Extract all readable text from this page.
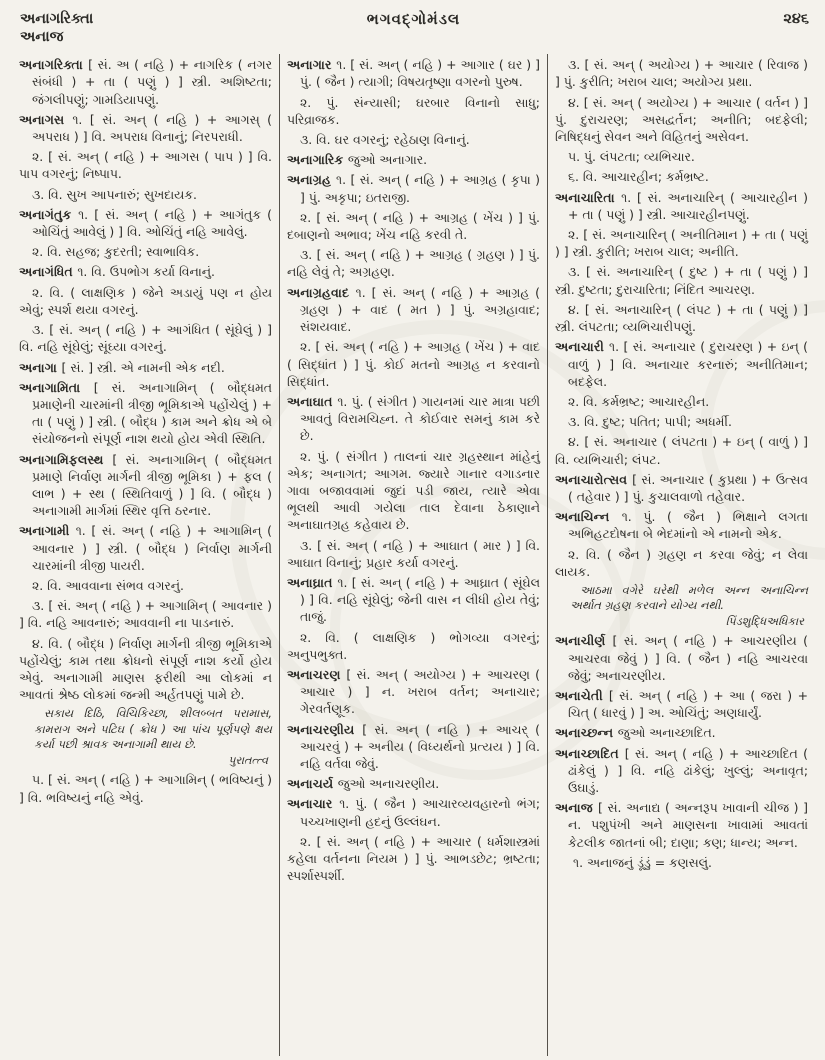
અનાગરિક્તા
અનાજ
ભગવદ્ગોમંડલ	૨૪૬

અનાગરિક્તા [ સં. અ ( નહિ ) + નાગરિક ( નગર સંબંધી ) + તા ( પણું ) ] સ્ત્રી. અશિષ્ટતા; જંગલીપણું; ગામડિયાપણું.

અનાગસ ૧. [ સં. અન્ ( નહિ ) + આગસ્ ( અપરાધ ) ] વિ. અપરાધ વિનાનું; નિરપરાધી.

૨. [ સં. અન્ ( નહિ ) + આગસ ( પાપ ) ] વિ. પાપ વગરનું; નિષ્પાપ.

૩. વિ. સુખ આપનારું; સુખદાયક.

અનાગંતુક ૧. [ સં. અન્ ( નહિ ) + આગંતુક ( ઓચિંતું આવેલું ) ] વિ. ઓચિંતું નહિ આવેલું.

૨. વિ. સહજ; કુદરતી; સ્વાભાવિક.

અનાગંધિત ૧. વિ. ઉપભોગ કર્યા વિનાનું.

૨. વિ. ( લાક્ષણિક ) જેને અડાયું પણ ન હોય એવું; સ્પર્શ થયા વગરનું.

૩. [ સં. અન્ ( નહિ ) + આગંધિત ( સૂંઘેલું ) ] વિ. નહિ સૂંઘેલું; સૂંઘ્યા વગરનું.

અનાગા [ સં. ] સ્ત્રી. એ નામની એક નદી.

અનાગામિતા [ સં. અનાગામિન્ ( બૌદ્ધમત પ્રમાણેની ચારમાંની ત્રીજી ભૂમિકાએ પહોંચેલું ) + તા ( પણું ) ] સ્ત્રી. ( બૌદ્ધ ) કામ અને ક્રોધ એ બે સંયોજનનો સંપૂર્ણ નાશ થયો હોય એવી સ્થિતિ.

અનાગામિફલસ્થ [ સં. અનાગામિન્ ( બૌદ્ધમત પ્રમાણે નિર્વાણ માર્ગની ત્રીજી ભૂમિકા ) + ફલ ( લાભ ) + સ્થ ( સ્થિતિવાળું ) ] વિ. ( બૌદ્ધ ) અનાગામી માર્ગમાં સ્થિર વૃત્તિ ઠરનાર.

અનાગામી ૧. [ સં. અન્ ( નહિ ) + આગામિન્ ( આવનાર ) ] સ્ત્રી. ( બૌદ્ધ ) નિર્વાણ માર્ગની ચારમાંની ત્રીજી પાયરી.

૨. વિ. આવવાના સંભવ વગરનું.

૩. [ સં. અન્ ( નહિ ) + આગામિન્ ( આવનાર ) ] વિ. નહિ આવનારું; આવવાની ના પાડનારું.

૪. વિ. ( બૌદ્ધ ) નિર્વાણ માર્ગની ત્રીજી ભૂમિકાએ પહોંચેલું; કામ તથા ક્રોધનો સંપૂર્ણ નાશ કર્યો હોય એવું. અનાગામી માણસ ફરીથી આ લોકમાં ન આવતાં શ્રેષ્ઠ લોકમાં જન્મી અર્હતપણું પામે છે.

સકાય દિઠિ, વિચિકિચ્છા, શીલબ્બત પરામાસ, કામરાગ અને પટિઘ ( ક્રોધ ) આ પાંચ પૂર્ણપણે ક્ષય કર્યા પછી શ્રાવક અનાગામી થાય છે.
પુરાતત્ત્વ

૫. [ સં. અન્ ( નહિ ) + આગામિન્ ( ભવિષ્યનું ) ] વિ. ભવિષ્યનું નહિ એવું.

અનાગાર ૧. [ સં. અન્ ( નહિ ) + આગાર ( ઘર ) ] પું. ( જૈન ) ત્યાગી; વિષયતૃષ્ણા વગરનો પુરુષ.

૨. પું. સંન્યાસી; ઘરબાર વિનાનો સાધુ; પરિવ્રાજક.

૩. વિ. ઘર વગરનું; રહેઠાણ વિનાનું.

અનાગારિક જુઓ અનાગાર.

અનાગ્રહ ૧. [ સં. અન્ ( નહિ ) + આગ્રહ ( કૃપા ) ] પું. અકૃપા; ઇતરાજી.

૨. [ સં. અન્ ( નહિ ) + આગ્રહ ( ખેંચ ) ] પું. દબાણનો અભાવ; ખેંચ નહિ કરવી તે.

૩. [ સં. અન્ ( નહિ ) + આગ્રહ ( ગ્રહણ ) ] પું. નહિ લેવું તે; અગ્રહણ.

અનાગ્રહવાદ ૧. [ સં. અન્ ( નહિ ) + આગ્રહ ( ગ્રહણ ) + વાદ ( મત ) ] પું. અગ્રહાવાદ; સંશયવાદ.

૨. [ સં. અન્ ( નહિ ) + આગ્રહ ( ખેંચ ) + વાદ ( સિદ્ધાંત ) ] પું. કોઈ મતનો આગ્રહ ન કરવાનો સિદ્ધાંત.

અનાઘાત ૧. પું. ( સંગીત ) ગાયનમાં ચાર માત્રા પછી આવતું વિરામચિહ્ન. તે કોઈવાર સમનું કામ કરે છે.

૨. પું. ( સંગીત ) તાલનાં ચાર ગ્રહસ્થાન માંહેનું એક; અનાગત; આગમ. જ્યારે ગાનાર વગાડનાર ગાવા બજાવવામાં જુદાં પડી જાય, ત્યારે એવા ભૂલથી આવી ગયેલા તાલ દેવાના ઠેકાણાને અનાઘાતગ્રહ કહેવાય છે.

૩. [ સં. અન્ ( નહિ ) + આઘાત ( માર ) ] વિ. આઘાત વિનાનું; પ્રહાર કર્યા વગરનું.

અનાઘ્રાત ૧. [ સં. અન્ ( નહિ ) + આઘ્રાત ( સૂંઘેલ ) ] વિ. નહિ સૂંઘેલું; જેની વાસ ન લીધી હોય તેવું; તાજું.

૨. વિ. ( લાક્ષણિક ) ભોગવ્યા વગરનું; અનુપભુક્ત.

અનાચરણ [ સં. અન્ ( અયોગ્ય ) + આચરણ ( આચાર ) ] ન. ખરાબ વર્તન; અનાચાર; ગેરવર્તણૂક.

અનાચરણીય [ સં. અન્ ( નહિ ) + આચર્ ( આચરવું ) + અનીય ( વિધ્યર્થનો પ્રત્યય ) ] વિ. નહિ વર્તવા જેવું.

અનાચર્ય જુઓ અનાચરણીય.

અનાચાર ૧. પું. ( જૈન ) આચારવ્યવહારનો ભંગ; પચ્ચખાણની હદનું ઉલ્લંઘન.

૨. [ સં. અન્ ( નહિ ) + આચાર ( ધર્મશાસ્ત્રમાં કહેલા વર્તનના નિયમ ) ] પું. આભડછેટ; ભ્રષ્ટતા; સ્પર્શાસ્પર્શી.

૩. [ સં. અન્ ( અયોગ્ય ) + આચાર ( રિવાજ ) ] પું. કુરીતિ; ખરાબ ચાલ; અયોગ્ય પ્રથા.

૪. [ સં. અન્ ( અયોગ્ય ) + આચાર ( વર્તન ) ] પું. દુરાચરણ; અસદ્વર્તન; અનીતિ; બદફેલી; નિષિદ્ધનું સેવન અને વિહિતનું અસેવન.

૫. પું. લંપટતા; વ્યભિચાર.

૬. વિ. આચારહીન; કર્મભ્રષ્ટ.

અનાચારિતા ૧. [ સં. અનાચારિન્ ( આચારહીન ) + તા ( પણું ) ] સ્ત્રી. આચારહીનપણું.

૨. [ સં. અનાચારિન્ ( અનીતિમાન ) + તા ( પણું ) ] સ્ત્રી. કુરીતિ; ખરાબ ચાલ; અનીતિ.

૩. [ સં. અનાચારિન્ ( દુષ્ટ ) + તા ( પણું ) ] સ્ત્રી. દુષ્ટતા; દુરાચારિતા; નિંદિત આચરણ.

૪. [ સં. અનાચારિન્ ( લંપટ ) + તા ( પણું ) ] સ્ત્રી. લંપટતા; વ્યભિચારીપણું.

અનાચારી ૧. [ સં. અનાચાર ( દુરાચરણ ) + ઇન્ ( વાળું ) ] વિ. અનાચાર કરનારું; અનીતિમાન; બદફેલ.

૨. વિ. કર્મભ્રષ્ટ; આચારહીન.

૩. વિ. દુષ્ટ; પતિત; પાપી; અધર્મી.

૪. [ સં. અનાચાર ( લંપટતા ) + ઇન્ ( વાળું ) ] વિ. વ્યભિચારી; લંપટ.

અનાચારોત્સવ [ સં. અનાચાર ( કુપ્રથા ) + ઉત્સવ ( તહેવાર ) ] પું. કુચાલવાળો તહેવાર.

અનાચિન્ન ૧. પું. ( જૈન ) ભિક્ષાને લગતા અભિહટદોષના બે ભેદમાંનો એ નામનો એક.

૨. વિ. ( જૈન ) ગ્રહણ ન કરવા જેવું; ન લેવા લાયક.

આઠમા વગેરે ઘરેથી મળેલ અન્ન અનાચિન્ન અર્થાત ગ્રહણ કરવાને યોગ્ય નથી.
પિંડશુદ્ધિઅધિકાર

અનાચીર્ણ [ સં. અન્ ( નહિ ) + આચરણીય ( આચરવા જેવું ) ] વિ. ( જૈન ) નહિ આચરવા જેવું; અનાચરણીય.

અનાચેતી [ સં. અન્ ( નહિ ) + આ ( જરા ) + ચિત્ ( ધારવું ) ] અ. ઓચિંતું; અણધાર્યું.

અનાચ્છન્ન જુઓ અનાચ્છાદિત.

અનાચ્છાદિત [ સં. અન્ ( નહિ ) + આચ્છાદિત ( ઢાંકેલું ) ] વિ. નહિ ઢાંકેલું; ખુલ્લું; અનાવૃત; ઉઘાડું.

અનાજ [ સં. અનાદ્ય ( અન્નરૂપ ખાવાની ચીજ ) ] ન. પશુપંખી અને માણસના ખાવામાં આવતાં કેટલીક જાતનાં બી; દાણા; કણ; ધાન્ય; અન્ન.

૧. અનાજનું ડૂંડું = કણસલું.
